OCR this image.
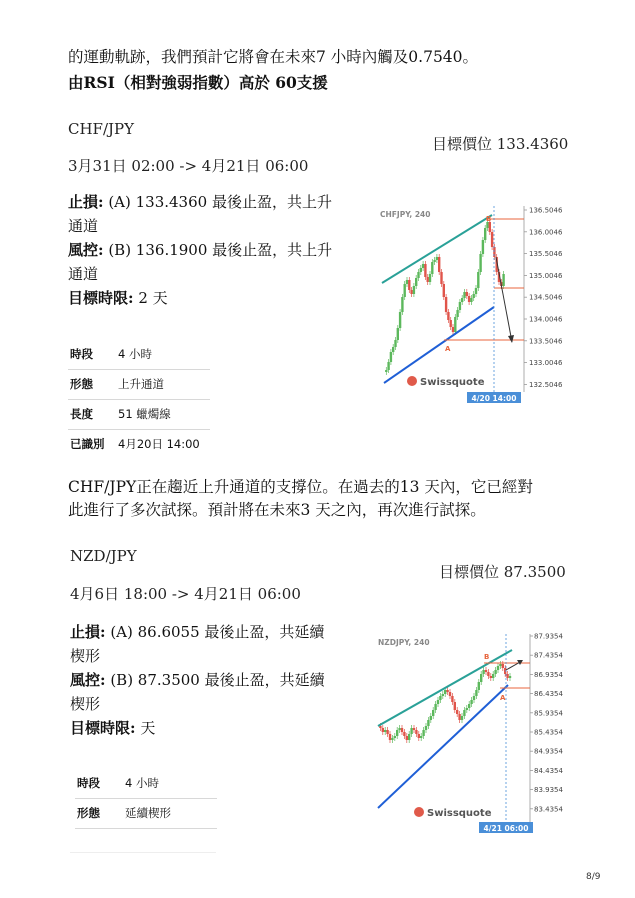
的運動軌跡，我們預計它將會在未來7 小時內觸及0.7540。
由RSI（相對強弱指數）高於 60支援
CHF/JPY
目標價位 133.4360
3月31日 02:00 -> 4月21日 06:00
止損: (A) 133.4360 最後止盈，共上升
通道
風控: (B) 136.1900 最後止盈，共上升
通道
目標時限: 2 天
時段	4 小時
形態	上升通道
長度	51 蠟燭線
已識別	4月20日 14:00
136.5046
136.0046
135.5046
135.0046
134.5046
134.0046
133.5046
133.0046
132.5046
CHFJPY, 240	B
A
4/20 14:00
Swissquote
CHF/JPY正在趨近上升通道的支撐位。在過去的13 天內，它已經對
此進行了多次試探。預計將在未來3 天之內，再次進行試探。
NZD/JPY
目標價位 87.3500
4月6日 18:00 -> 4月21日 06:00
止損: (A) 86.6055 最後止盈，共延續
楔形
風控: (B) 87.3500 最後止盈，共延續
楔形
目標時限: 天
時段	4 小時
形態	延續楔形
87.9354
87.4354
86.9354
86.4354
85.9354
85.4354
84.9354
84.4354
83.9354
83.4354
NZDJPY, 240
B
A
4/21 06:00
Swissquote
8/9
